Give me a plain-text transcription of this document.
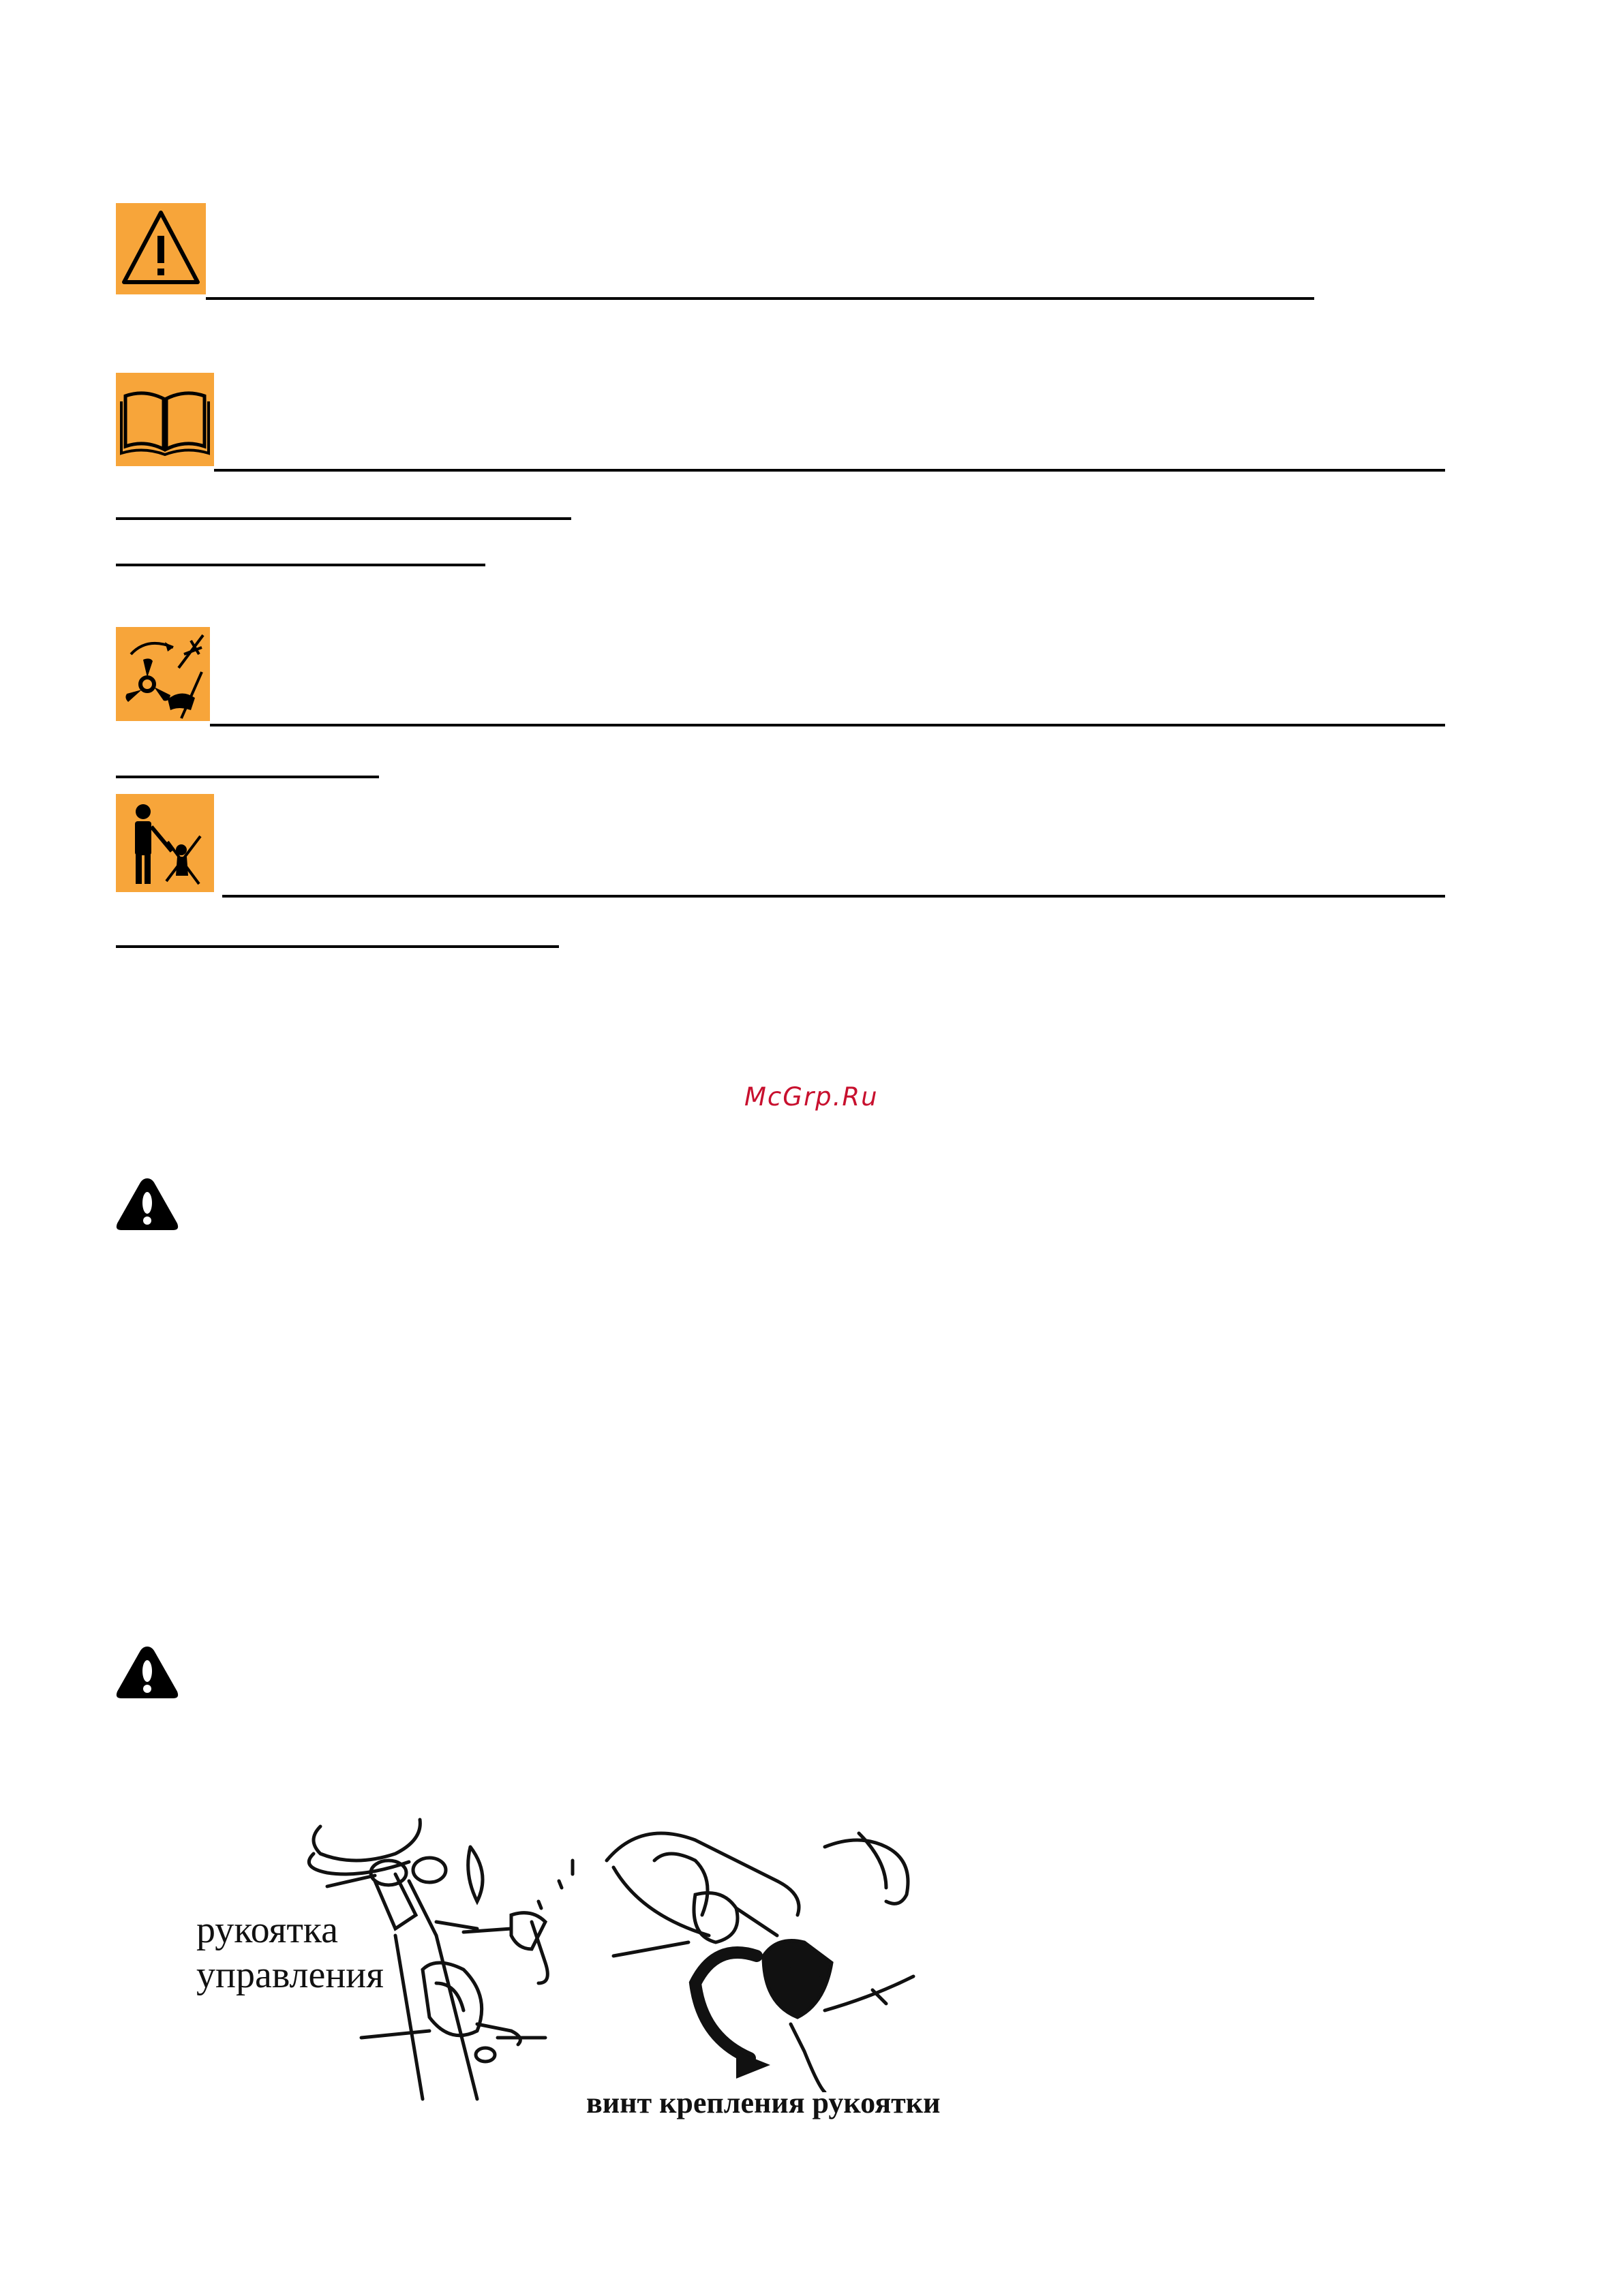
McGrp.Ru
рукоятка
управления
винт крепления рукоятки
